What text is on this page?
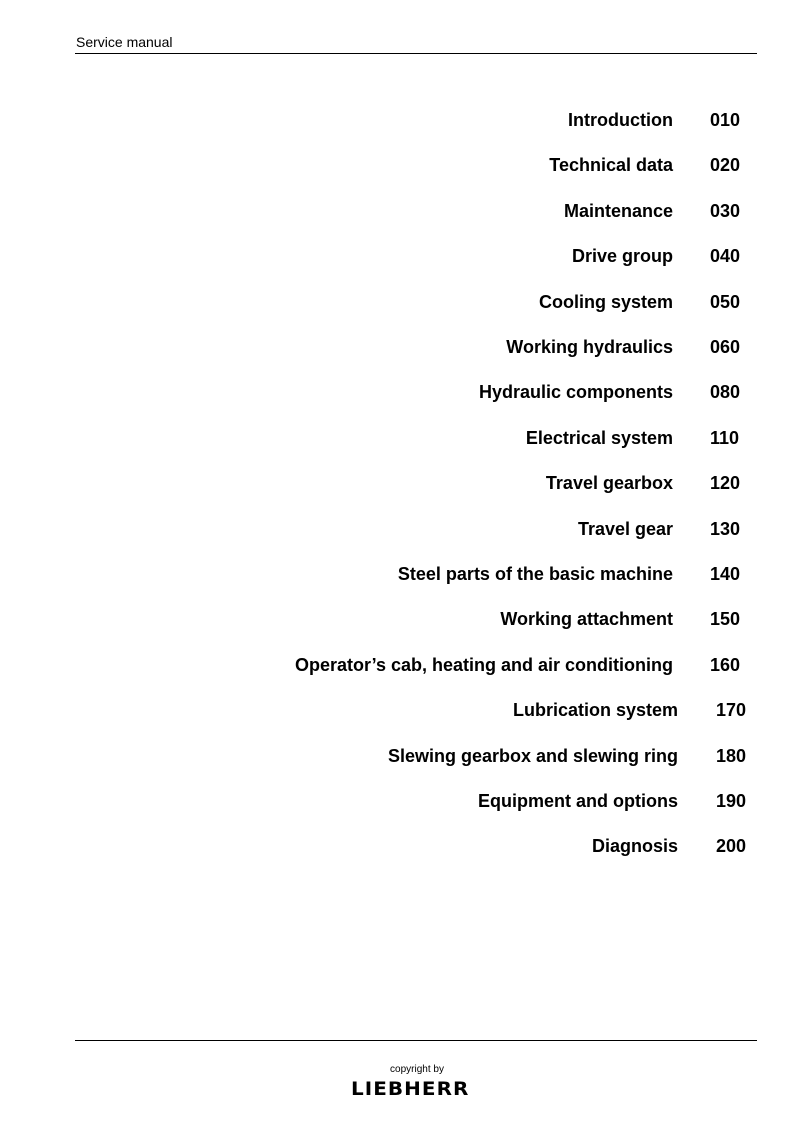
Service manual
Introduction 010
Technical data 020
Maintenance 030
Drive group 040
Cooling system 050
Working hydraulics 060
Hydraulic components 080
Electrical system 110
Travel gearbox 120
Travel gear 130
Steel parts of the basic machine 140
Working attachment 150
Operator’s cab, heating and air conditioning 160
Lubrication system 170
Slewing gearbox and slewing ring 180
Equipment and options 190
Diagnosis 200
copyright by
LIEBHERR
